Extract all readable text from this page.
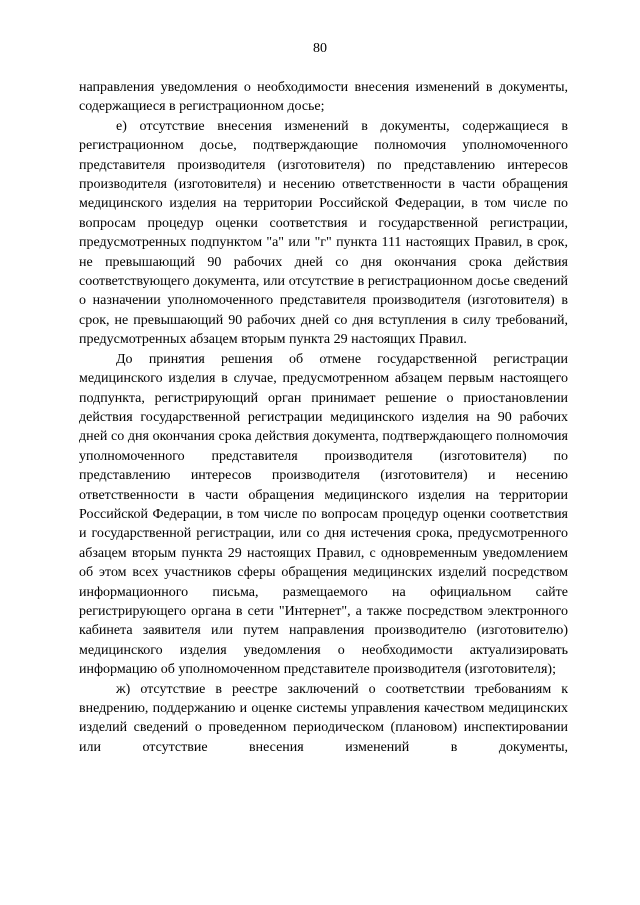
80

направления уведомления о необходимости внесения изменений в документы, содержащиеся в регистрационном досье;

е) отсутствие внесения изменений в документы, содержащиеся в регистрационном досье, подтверждающие полномочия уполномоченного представителя производителя (изготовителя) по представлению интересов производителя (изготовителя) и несению ответственности в части обращения медицинского изделия на территории Российской Федерации, в том числе по вопросам процедур оценки соответствия и государственной регистрации, предусмотренных подпунктом "а" или "г" пункта 111 настоящих Правил, в срок, не превышающий 90 рабочих дней со дня окончания срока действия соответствующего документа, или отсутствие в регистрационном досье сведений о назначении уполномоченного представителя производителя (изготовителя) в срок, не превышающий 90 рабочих дней со дня вступления в силу требований, предусмотренных абзацем вторым пункта 29 настоящих Правил.

До принятия решения об отмене государственной регистрации медицинского изделия в случае, предусмотренном абзацем первым настоящего подпункта, регистрирующий орган принимает решение о приостановлении действия государственной регистрации медицинского изделия на 90 рабочих дней со дня окончания срока действия документа, подтверждающего полномочия уполномоченного представителя производителя (изготовителя) по представлению интересов производителя (изготовителя) и несению ответственности в части обращения медицинского изделия на территории Российской Федерации, в том числе по вопросам процедур оценки соответствия и государственной регистрации, или со дня истечения срока, предусмотренного абзацем вторым пункта 29 настоящих Правил, с одновременным уведомлением об этом всех участников сферы обращения медицинских изделий посредством информационного письма, размещаемого на официальном сайте регистрирующего органа в сети "Интернет", а также посредством электронного кабинета заявителя или путем направления производителю (изготовителю) медицинского изделия уведомления о необходимости актуализировать информацию об уполномоченном представителе производителя (изготовителя);

ж) отсутствие в реестре заключений о соответствии требованиям к внедрению, поддержанию и оценке системы управления качеством медицинских изделий сведений о проведенном периодическом (плановом) инспектировании или отсутствие внесения изменений в документы,
